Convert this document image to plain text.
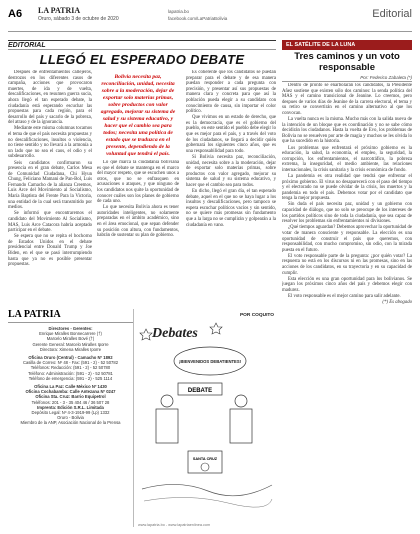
A6 LA PATRIA
Oruro, sábado 3 de octubre de 2020
lapatria.bo
facebook.com/LaPatriaBolivia	Editorial
EDITORIAL
LLEGÓ EL ESPERADO DEBATE

Después de enfrentamientos callejeros, destrozos en los diferentes casos de campaña, acciones que provocaron muertes, de ida y de vuelta, descalificaciones, en resumen guerra sucia, ahora llegó el tan esperado debate, la ciudadanía está esperando escuchar las propuestas para cada región, para el desarrollo del país y sacarlo de la pobreza, del atraso y de la ignorancia.

Mediante este misma columnas tocamos el tema de que el país necesita propuestas y no descalificaciones, insultos o violencia, no tiene sentido y no llevará a la armonía a un lado que no sea el caos, el odio y el subdesarrollo.

Seis candidatos confirmaron su presencia en el gran debate, Carlos Mesa de Comunidad Ciudadana, Chi Hyun Chung, Feliciano Mamani de Pan-Bol, Luis Fernando Camacho de la alianza Creemos, Luis Arce del Movimiento al Socialismo, María Baptista del Frente Para la Victoria, una entidad de la cual será transmitido por medios.

Se informó que encontraremos el candidato del Movimiento Al Socialismo, MAS, Luis Arce Catacora habría aceptado participar en el debate.

Se espera que no se repita el bochorno de Estados Unidos en el debate presidencial entre Donald Trump y Joe Biden, en el que se pasó interrumpiendo hasta que ya no es posible presentar propuestas.

Bolivia necesita paz, reconciliación, unidad, necesita sobre a la moderación, dejar de exportar solo materias primas, sobre productos con valor agregado, mejorar su sistema de salud y su sistema educativo, y hacer que el cambio sea para todos; necesita una política de estado que se traduzca en el presente, dependiendo de la voluntad que tendrá el país.

Lo que marca la ciudadanía boliviana es que el debate se mantenga en el marco del mayor respeto, que se escuchen unos a otros, que no se enfrasquen en acusaciones o ataques, y que ninguno de los candidatos nos quite la oportunidad de conocer cuáles son los planes de gobierno de cada uno.

Lo que necesita Bolivia ahora es tener autoridades inteligentes, no solamente preparadas en el ámbito académico, sino en el área emocional, que sepan defender su posición con altura, con fundamentos, habrán de sustentar su plan de gobierno.

Es coherente que los candidatos se puedan preparar para el debate y de esa manera puedan responder a cada pregunta con precisión, y presentar así sus propuestas de manera clara y concreta para que así la población pueda elegir a su candidato con conocimiento de causa, sin importar el color político.

Que vivimos en un estado de derecho, que es la democracia, que es el gobierno del pueblo, en este sentido el pueblo debe elegir lo que es mejor para el país, y a través del voto de los ciudadanos, se llegará a decidir quién gobernará los siguientes cinco años, que es una responsabilidad para todo.

Si Bolivia necesita paz, reconciliación, unidad, necesita sobre a la moderación, dejar de exportar solo materias primas, sobre productos con valor agregado, mejorar su sistema de salud y su sistema educativo, y hacer que el cambio sea para todos.

En dicho, llegó el gran día, el tan esperado debate, aquel en el que no se haya lugar a los insultos y descalificaciones, pero tampoco se espera escuchar políticos vacíos y sin sentido, no se quiere más promesas sin fundamento que a la larga no se cumplirán y golpearán a la ciudadanía en vano.

EL SATÉLITE DE LA LUNA
Tres caminos y un voto responsable
Por: Federico Zabaleta (*)

Dentro de pronto se enarbolarán los candidatos, la Presidente Añez sostiene que existen sólo dos caminos: la senda política del MAS y el camino transicional de Jeanine. Lo creemos, pero despues de varios días de Jeanine de la carrera electoral, el tema y su retiro se convertirán en el camino alternativo al que los convocan.

La vuelta nunca es la misma. Mucho más con la salida nueva de la intención de un bloque que es coordinación y no se sabe cómo decidirán los ciudadanos. Hasta la vuelta de Evo, los problemas de Bolivia no se resuelven por arte de magia y muchos se les olvida lo que ha sucedido en la historia.

Los problemas que enfrentará el próximo gobierno es la educación, la salud, la economía, el empleo, la seguridad, la corrupción, los enfrentamientos, el narcotráfico, la pobreza extrema, la inseguridad, el medio ambiente, las relaciones internacionales, la crisis sanitaria y la crisis económica de fondo.

La pandemia es otra realidad que tendrá que enfrentar el próximo gobierno. El virus no desaparecerá con el paso del tiempo y el electorado no se puede olvidar de la crisis, los muertos y la pandemia en todo el país. Debemos votar por el candidato que tenga la mejor propuesta.

Sin duda el país necesita paz, unidad y un gobierno con capacidad de diálogo, que no solo se preocupe de los intereses de los partidos políticos sino de toda la ciudadanía, que sea capaz de resolver los problemas sin enfrentamientos ni divisiones.

¿Qué tiempos aguardan? Debemos aprovechar la oportunidad de votar de manera consciente y responsable. La elección es una oportunidad de construir el país que queremos, con responsabilidad, con mucho compromiso, sin odio, con la mirada puesta en el futuro.

El voto responsable parte de la pregunta: ¿por quién votar? La respuesta no está en los discursos ni en las promesas, sino en las acciones de los candidatos, en su trayectoria y en su capacidad de cumplir.

Esta elección es una gran oportunidad para los bolivianos. Se juegan los próximos cinco años del país y debemos elegir con madurez.

El voto responsable es el mejor camino para salir adelante.

(*) Es abogado

LA PATRIA
Directores - Gerentes:
Enrique Miralles Bonnecarrere (†)
Marcelo Miralles Bové (†)
Gerente General: Marcelo Miralles Iporre
Directora: Ximena Miralles Iporre
Oficina Oruro (Central) - Camacho Nº 1892
Casilla de Correo: Nº 48 - Fax: (591 - 2) - 52 50782
Teléfonos: Redacción: (591 - 2) - 52 50780
Teléfono: Administración: (591 - 2) - 52 50781
Teléfono de emergencia: (591 - 2) - 525 1114
Oficina La Paz: Calle México Nº 1430
Oficina Cochabamba: Calle Antezana Nº 0247
Oficina Sta. Cruz: Barrio Equipetrol
Teléfonos: 201 - 3 - 35 404 46 / 36 507 28
Imprenta: Edición S.R.L. Limitada
Depósito Legal: Nº 4-3-1919-99 (Lp) 1332
Oruro - Bolivia
Miembro de la ANP, Asociación Nacional de la Prensa
POR COQUITO
Debates
¡BIENVENIDOS DEBATIENTES!
DEBATE
SANTA CRUZ
www.lapatria.bo - www.lapatriaenlinea.com
